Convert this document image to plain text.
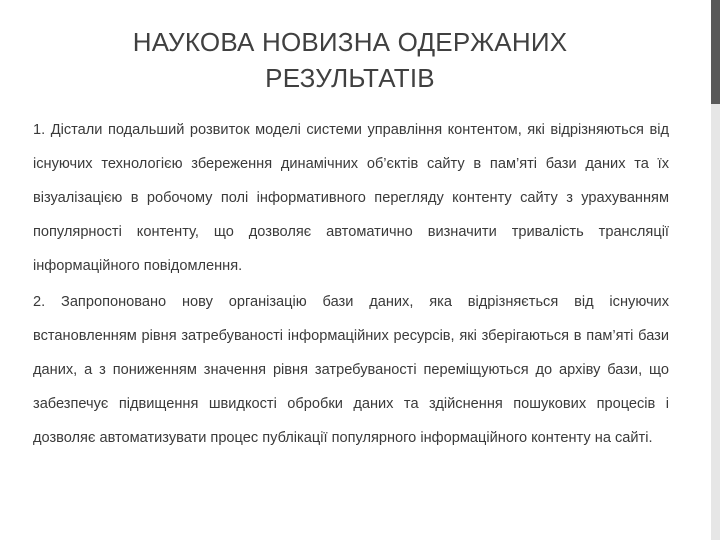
НАУКОВА НОВИЗНА ОДЕРЖАНИХ РЕЗУЛЬТАТІВ

1. Дістали подальший розвиток моделі системи управління контентом, які відрізняються від існуючих технологією збереження динамічних об’єктів сайту в пам’яті бази даних та їх візуалізацією в робочому полі інформативного перегляду контенту сайту з урахуванням популярності контенту, що дозволяє автоматично визначити тривалість трансляції інформаційного повідомлення.

2. Запропоновано нову організацію бази даних, яка відрізняється від існуючих встановленням рівня затребуваності інформаційних ресурсів, які зберігаються в пам’яті бази даних, а з пониженням значення рівня затребуваності переміщуються до архіву бази, що забезпечує підвищення швидкості обробки даних та здійснення пошукових процесів і дозволяє автоматизувати процес публікації популярного інформаційного контенту на сайті.
